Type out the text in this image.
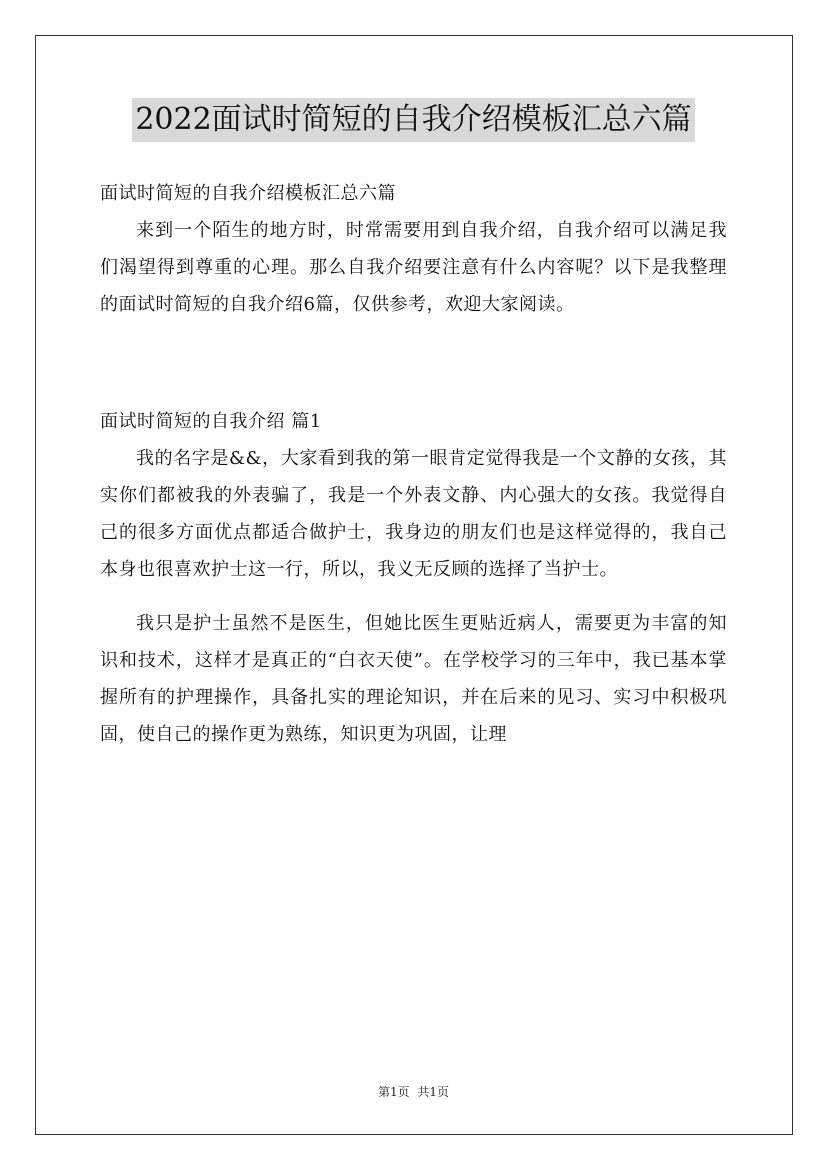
2022面试时简短的自我介绍模板汇总六篇

面试时简短的自我介绍模板汇总六篇

来到一个陌生的地方时，时常需要用到自我介绍，自我介绍可以满足我们渴望得到尊重的心理。那么自我介绍要注意有什么内容呢？以下是我整理的面试时简短的自我介绍6篇，仅供参考，欢迎大家阅读。

面试时简短的自我介绍 篇1

我的名字是&&，大家看到我的第一眼肯定觉得我是一个文静的女孩，其实你们都被我的外表骗了，我是一个外表文静、内心强大的女孩。我觉得自己的很多方面优点都适合做护士，我身边的朋友们也是这样觉得的，我自己本身也很喜欢护士这一行，所以，我义无反顾的选择了当护士。

我只是护士虽然不是医生，但她比医生更贴近病人，需要更为丰富的知识和技术，这样才是真正的“白衣天使”。在学校学习的三年中，我已基本掌握所有的护理操作，具备扎实的理论知识，并在后来的见习、实习中积极巩固，使自己的操作更为熟练，知识更为巩固，让理

第1页 共1页
